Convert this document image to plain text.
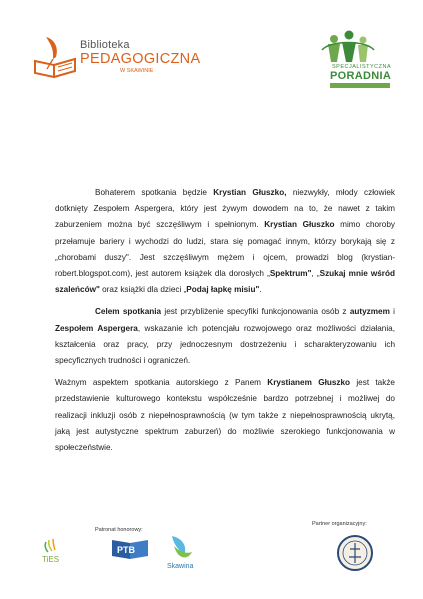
Biblioteka
PEDAGOGICZNA
W SKAWINIE
SPECJALISTYCZNA
PORADNIA

Bohaterem spotkania będzie Krystian Głuszko, niezwykły, młody człowiek dotknięty Zespołem Aspergera, który jest żywym dowodem na to, że nawet z takim zaburzeniem można być szczęśliwym i spełnionym. Krystian Głuszko mimo choroby przełamuje bariery i wychodzi do ludzi, stara się pomagać innym, którzy borykają się z „chorobami duszy". Jest szczęśliwym mężem i ojcem, prowadzi blog (krystian-robert.blogspot.com), jest autorem książek dla dorosłych „Spektrum", „Szukaj mnie wśród szaleńców" oraz książki dla dzieci „Podaj łapkę misiu".

Celem spotkania jest przybliżenie specyfiki funkcjonowania osób z autyzmem i Zespołem Aspergera, wskazanie ich potencjału rozwojowego oraz możliwości działania, kształcenia oraz pracy, przy jednoczesnym dostrzeżeniu i scharakteryzowaniu ich specyficznych trudności i ograniczeń.

Ważnym aspektem spotkania autorskiego z Panem Krystianem Głuszko jest także przedstawienie kulturowego kontekstu współcześnie bardzo potrzebnej i możliwej do realizacji inkluzji osób z niepełnosprawnością (w tym także z niepełnosprawnością ukrytą, jaką jest autystyczne spektrum zaburzeń) do możliwie szerokiego funkcjonowania w społeczeństwie.

Patronat honorowy:
Partner organizacyjny:
TiES
PTB
Skawina
